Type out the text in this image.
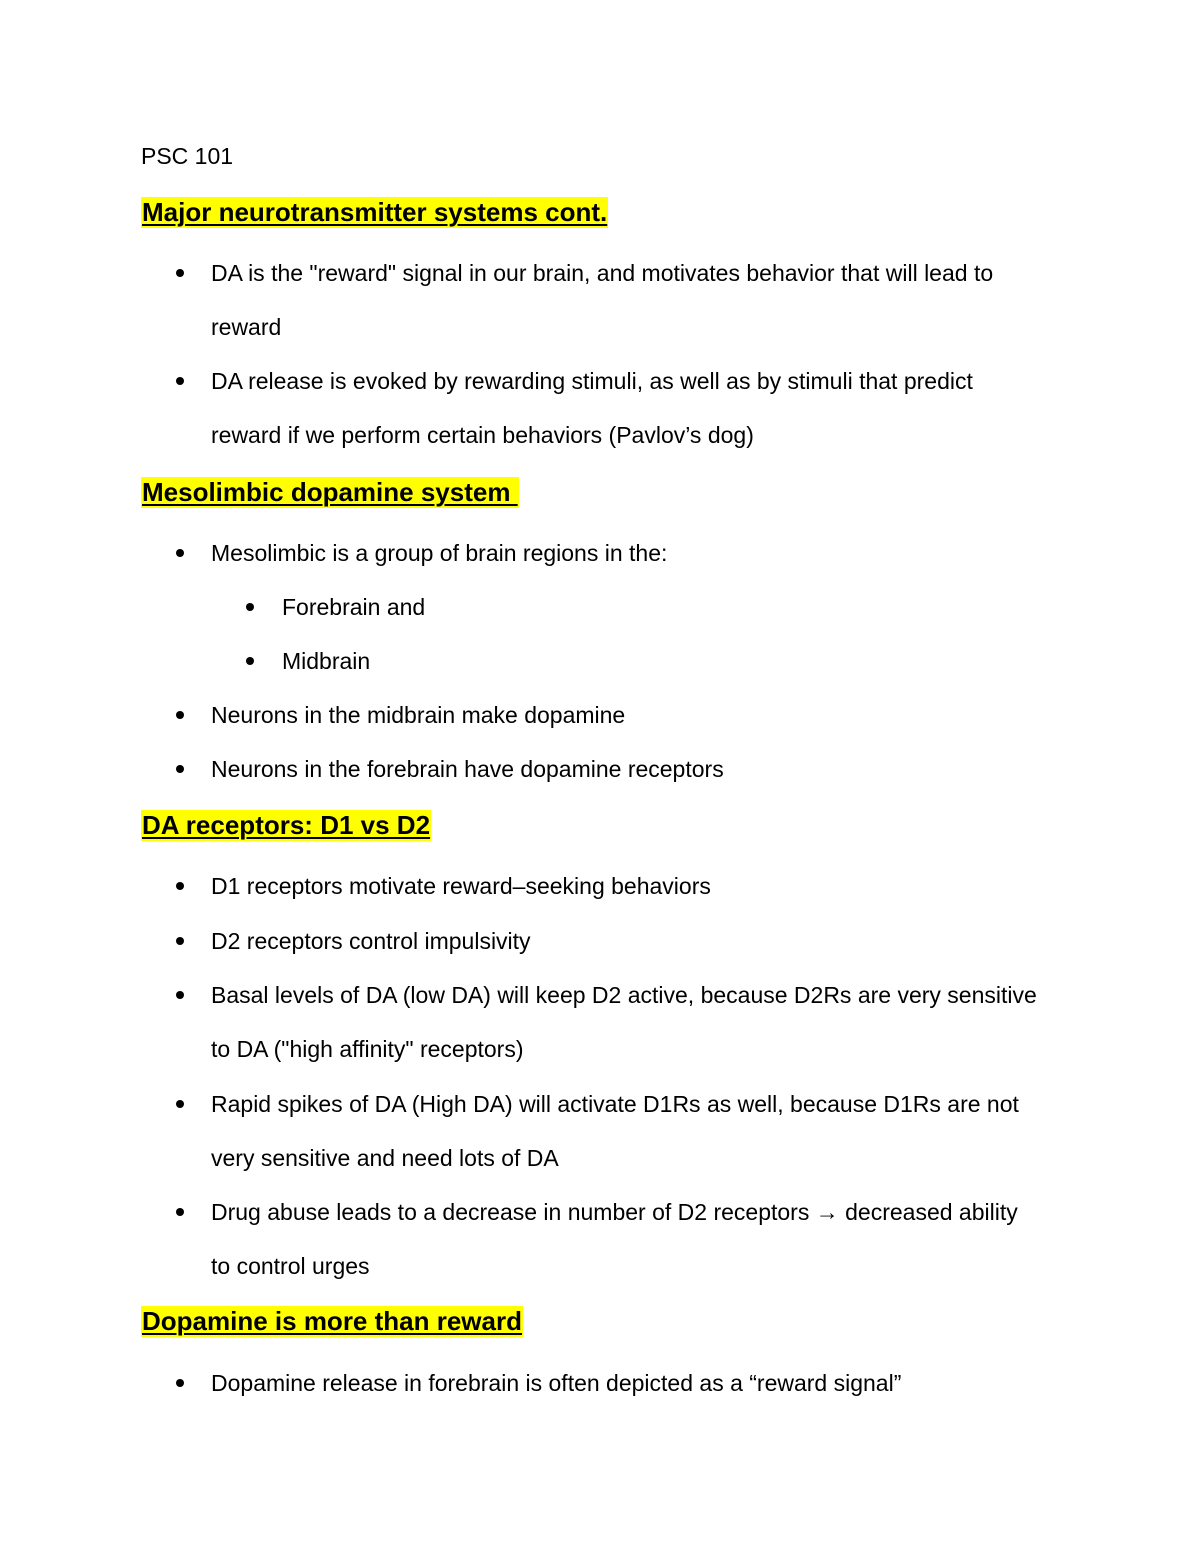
PSC 101
Major neurotransmitter systems cont.
DA is the "reward" signal in our brain, and motivates behavior that will lead to
reward
DA release is evoked by rewarding stimuli, as well as by stimuli that predict
reward if we perform certain behaviors (Pavlov’s dog)
Mesolimbic dopamine system
Mesolimbic is a group of brain regions in the:
Forebrain and
Midbrain
Neurons in the midbrain make dopamine
Neurons in the forebrain have dopamine receptors
DA receptors: D1 vs D2
D1 receptors motivate reward–seeking behaviors
D2 receptors control impulsivity
Basal levels of DA (low DA) will keep D2 active, because D2Rs are very sensitive
to DA ("high affinity" receptors)
Rapid spikes of DA (High DA) will activate D1Rs as well, because D1Rs are not
very sensitive and need lots of DA
Drug abuse leads to a decrease in number of D2 receptors → decreased ability
to control urges
Dopamine is more than reward
Dopamine release in forebrain is often depicted as a “reward signal”
